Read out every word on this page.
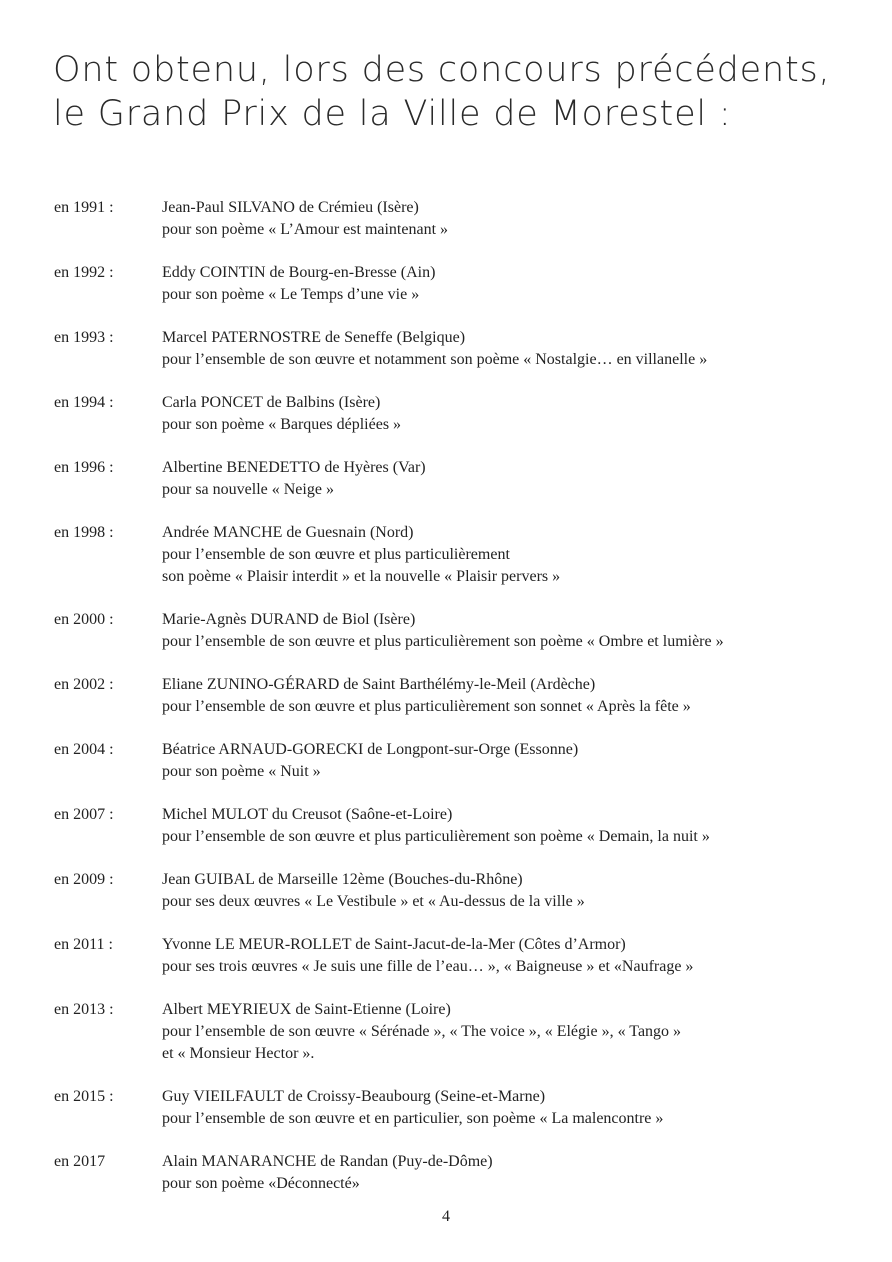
Ont obtenu, lors des concours précédents,
le Grand Prix de la Ville de Morestel :
en 1991 :	Jean-Paul SILVANO de Crémieu (Isère)
pour son poème « L’Amour est maintenant »
en 1992 :	Eddy COINTIN de Bourg-en-Bresse (Ain)
pour son poème « Le Temps d’une vie »
en 1993 :	Marcel PATERNOSTRE de Seneffe (Belgique)
pour l’ensemble de son œuvre et notamment son poème « Nostalgie… en villanelle »
en 1994 :	Carla PONCET de Balbins (Isère)
pour son poème « Barques dépliées »
en 1996 :	Albertine BENEDETTO de Hyères (Var)
pour sa nouvelle « Neige »
en 1998 :	Andrée MANCHE de Guesnain (Nord)
pour l’ensemble de son œuvre et plus particulièrement
son poème « Plaisir interdit » et la nouvelle « Plaisir pervers »
en 2000 :	Marie-Agnès DURAND de Biol (Isère)
pour l’ensemble de son œuvre et plus particulièrement son poème « Ombre et lumière »
en 2002 :	Eliane ZUNINO-GÉRARD de Saint Barthélémy-le-Meil (Ardèche)
pour l’ensemble de son œuvre et plus particulièrement son sonnet « Après la fête »
en 2004 :	Béatrice ARNAUD-GORECKI de Longpont-sur-Orge (Essonne)
pour son poème « Nuit »
en 2007 :	Michel MULOT du Creusot (Saône-et-Loire)
pour l’ensemble de son œuvre et plus particulièrement son poème « Demain, la nuit »
en 2009 :	Jean GUIBAL de Marseille 12ème (Bouches-du-Rhône)
pour ses deux œuvres « Le Vestibule » et « Au-dessus de la ville »
en 2011 :	Yvonne LE MEUR-ROLLET de Saint-Jacut-de-la-Mer (Côtes d’Armor)
pour ses trois œuvres « Je suis une fille de l’eau… », « Baigneuse » et «Naufrage »
en 2013 :	Albert MEYRIEUX de Saint-Etienne (Loire)
pour l’ensemble de son œuvre « Sérénade », « The voice », « Elégie », « Tango »
et « Monsieur Hector ».
en 2015 :	Guy VIEILFAULT de Croissy-Beaubourg (Seine-et-Marne)
pour l’ensemble de son œuvre et en particulier, son poème « La malencontre »
en 2017	Alain MANARANCHE de Randan (Puy-de-Dôme)
pour son poème «Déconnecté»
4
